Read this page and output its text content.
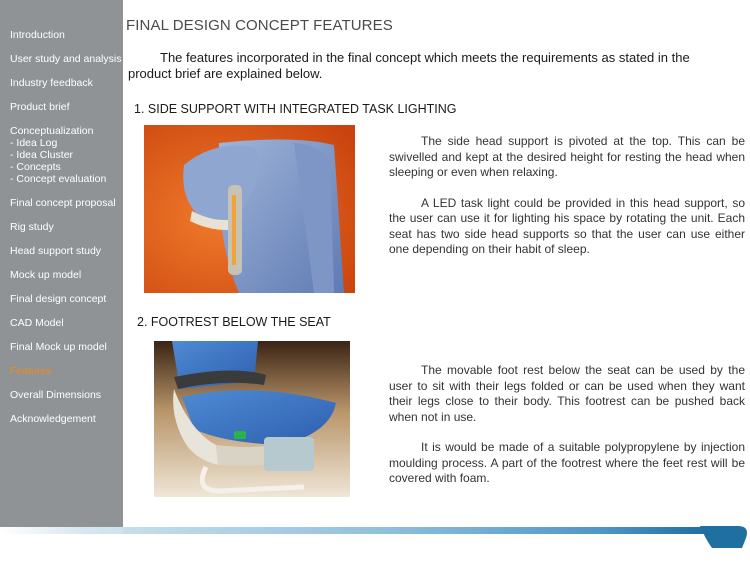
Introduction
User study and analysis
Industry feedback
Product brief
Conceptualization
- Idea Log
- Idea Cluster
- Concepts
- Concept evaluation
Final concept proposal
Rig study
Head support study
Mock up model
Final design concept
CAD Model
Final Mock up model
Features
Overall Dimensions
Acknowledgement
FINAL DESIGN CONCEPT FEATURES
The features incorporated in the final concept which meets the requirements as stated in the product brief are explained below.
1. SIDE SUPPORT WITH INTEGRATED TASK LIGHTING

The side head support is pivoted at the top. This can be swivelled and kept at the desired height for resting the head when sleeping or even when relaxing.

A LED task light could be provided in this head support, so the user can use it for lighting his space by rotating the unit. Each seat has two side head supports so that the user can use either one depending on their habit of sleep.

2. FOOTREST BELOW THE SEAT

The movable foot rest below the seat can be used by the user to sit with their legs folded or can be used when they want their legs close to their body. This footrest can be pushed back when not in use.

It is would be made of a suitable polypropylene by injection moulding process. A part of the footrest where the feet rest will be covered with foam.
